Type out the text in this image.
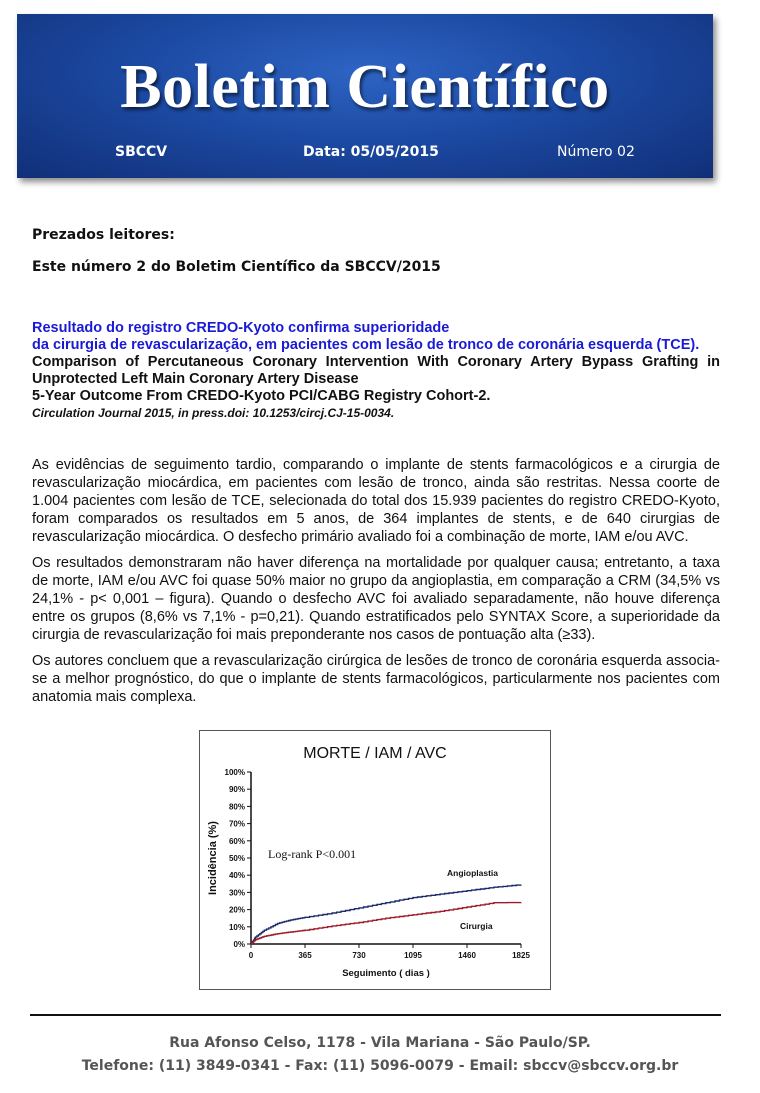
Boletim Científico
SBCCV	Data: 05/05/2015	Número 02
Prezados leitores:
Este número 2 do Boletim Científico da SBCCV/2015
Resultado do registro CREDO-Kyoto confirma superioridade
da cirurgia de revascularização, em pacientes com lesão de tronco de coronária esquerda (TCE).
Comparison of Percutaneous Coronary Intervention With Coronary Artery Bypass Grafting in Unprotected Left Main Coronary Artery Disease
5-Year Outcome From CREDO-Kyoto PCI/CABG Registry Cohort-2.
Circulation Journal 2015, in press.doi: 10.1253/circj.CJ-15-0034.

As evidências de seguimento tardio, comparando o implante de stents farmacológicos e a cirurgia de revascularização miocárdica, em pacientes com lesão de tronco, ainda são restritas. Nessa coorte de 1.004 pacientes com lesão de TCE, selecionada do total dos 15.939 pacientes do registro CREDO-Kyoto, foram comparados os resultados em 5 anos, de 364 implantes de stents, e de 640 cirurgias de revascularização miocárdica. O desfecho primário avaliado foi a combinação de morte, IAM e/ou AVC.

Os resultados demonstraram não haver diferença na mortalidade por qualquer causa; entretanto, a taxa de morte, IAM e/ou AVC foi quase 50% maior no grupo da angioplastia, em comparação a CRM (34,5% vs 24,1% - p< 0,001 – figura). Quando o desfecho AVC foi avaliado separadamente, não houve diferença entre os grupos (8,6% vs 7,1% - p=0,21). Quando estratificados pelo SYNTAX Score, a superioridade da cirurgia de revascularização foi mais preponderante nos casos de pontuação alta (≥33).

Os autores concluem que a revascularização cirúrgica de lesões de tronco de coronária esquerda associa-se a melhor prognóstico, do que o implante de stents farmacológicos, particularmente nos pacientes com anatomia mais complexa.

MORTE / IAM / AVC
0%
10%
20%
30%
40%
50%
60%
70%
80%
90%
100%
0	365	730	1095	1460	1825
Seguimento ( dias )
Incidência (%)	Log-rank P<0.001
Angioplastia
Cirurgia
Rua Afonso Celso, 1178 - Vila Mariana - São Paulo/SP.
Telefone: (11) 3849-0341 - Fax: (11) 5096-0079 - Email: sbccv@sbccv.org.br
